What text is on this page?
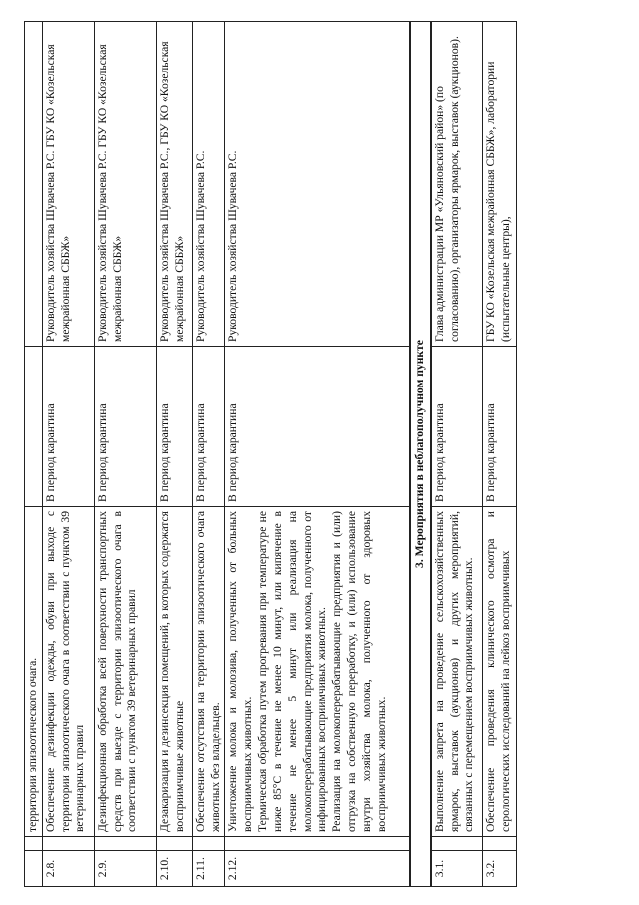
		территории эпизоотического очага.		
2.8.		Обеспечение дезинфекции одежды, обуви при выходе с территории эпизоотического очага в соответствии с пунктом 39 ветеринарных правил	В период карантина	Руководитель хозяйства Шувачева Р.С. ГБУ КО «Козельская межрайонная СББЖ»
2.9.		Дезинфекционная обработка всей поверхности транспортных средств при выезде с территории эпизоотического очага в соответствии с пунктом 39 ветеринарных правил	В период карантина	Руководитель хозяйства Шувачева Р.С. ГБУ КО «Козельская межрайонная СББЖ»
2.10.		Дезакаризация и дезинсекция помещений, в которых содержатся восприимчивые животные	В период карантина	Руководитель хозяйства Шувачева Р.С., ГБУ КО «Козельская межрайонная СББЖ»
2.11.		Обеспечение отсутствия на территории эпизоотического очага животных без владельцев.	В период карантина	Руководитель хозяйства Шувачева Р.С.
2.12.		Уничтожение молока и молозива, полученных от больных восприимчивых животных. Термическая обработка путем прогревания при температуре не ниже 85°С в течение не менее 10 минут, или кипячение в течение не менее 5 минут или реализация на молокоперерабатывающие предприятия молока, полученного от инфицированных восприимчивых животных. Реализация на молокоперерабатывающие предприятия и (или) отгрузка на собственную переработку, и (или) использование внутри хозяйства молока, полученного от здоровых восприимчивых животных.	В период карантина	Руководитель хозяйства Шувачева Р.С.
3. Мероприятия в неблагополучном пункте				
3.1.		Выполнение запрета на проведение сельскохозяйственных ярмарок, выставок (аукционов) и других мероприятий, связанных с перемещением восприимчивых животных.	В период карантина	Глава администрации МР «Ульяновский район» (по согласованию), организаторы ярмарок, выставок (аукционов).
3.2.		Обеспечение проведения клинического осмотра и серологических исследований на лейкоз восприимчивых	В период карантина	ГБУ КО «Козельская межрайонная СББЖ», лаборатории (испытательные центры),
